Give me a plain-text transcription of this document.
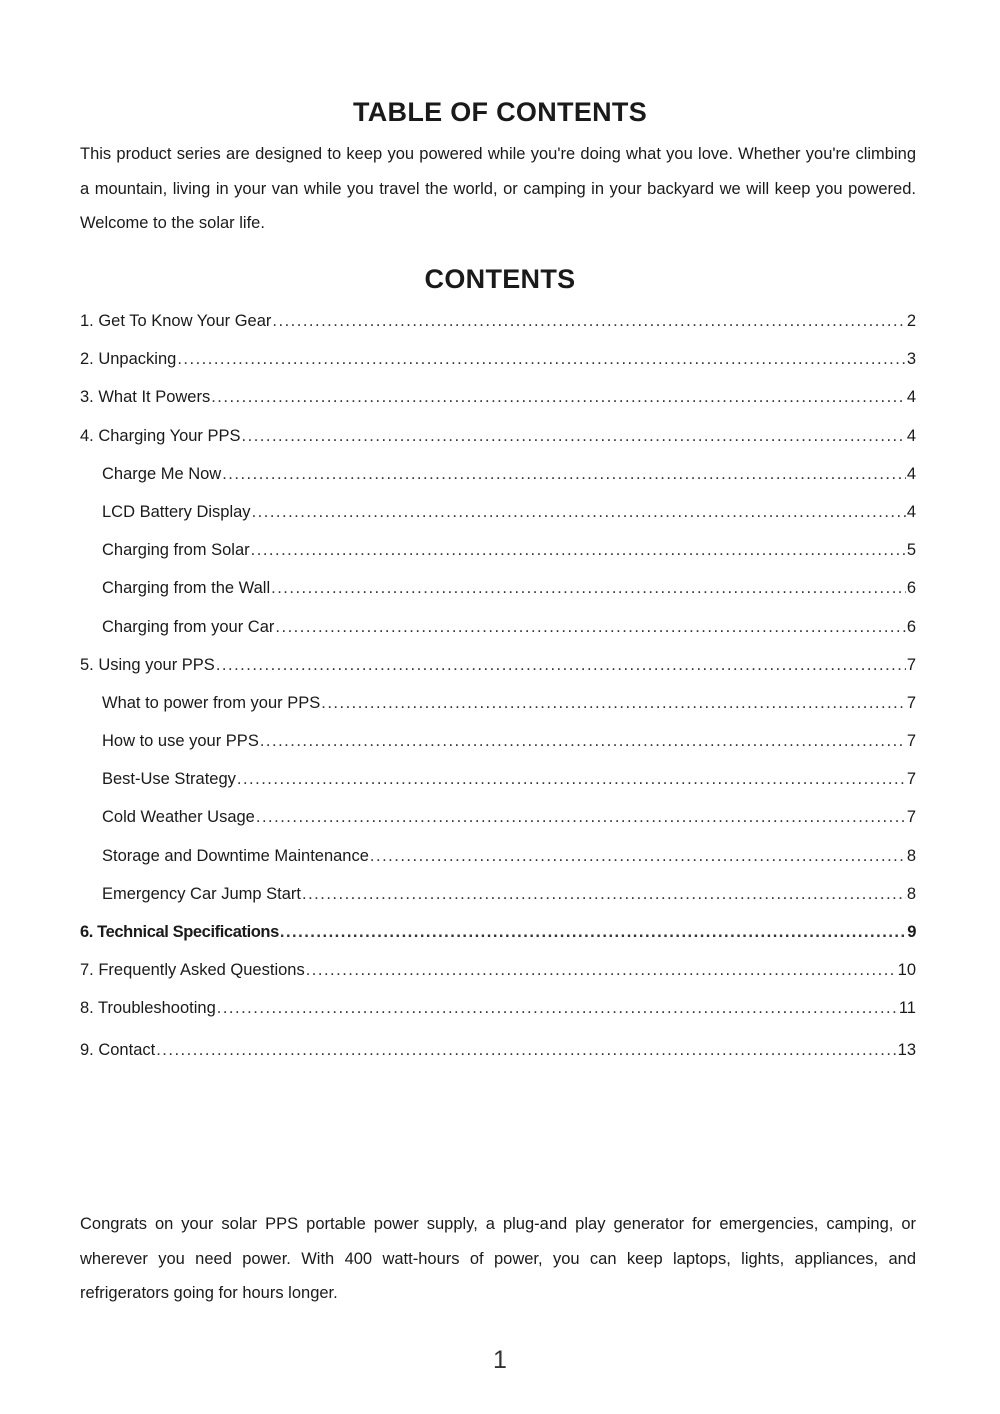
TABLE OF CONTENTS

This product series are designed to keep you powered while you're doing what you love. Whether you're climbing a mountain, living in your van while you travel the world, or camping in your backyard we will keep you powered. Welcome to the solar life.

CONTENTS
1. Get To Know Your Gear .....	2
2. Unpacking .....	3
3. What It Powers .....	4
4. Charging Your PPS .....	4
Charge Me Now .....	4
LCD Battery Display .....	4
Charging from Solar .....	5
Charging from the Wall .....	6
Charging from your Car .....	6
5. Using your PPS .....	7
What to power from your PPS .....	7
How to use your PPS .....	7
Best-Use Strategy .....	7
Cold Weather Usage .....	7
Storage and Downtime Maintenance .....	8
Emergency Car Jump Start .....	8
6. Technical Specifications .....	9
7. Frequently Asked Questions .....	10
8. Troubleshooting .....	11
9. Contact .....	13

Congrats on your solar PPS portable power supply, a plug-and play generator for emergencies, camping, or wherever you need power. With 400 watt-hours of power, you can keep laptops, lights, appliances, and refrigerators going for hours longer.

1
